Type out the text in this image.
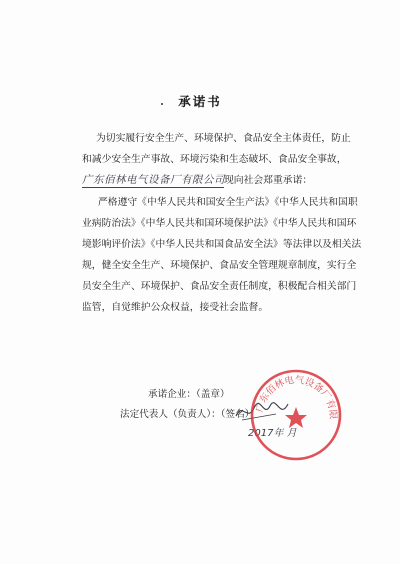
承诺书
为切实履行安全生产、环境保护、食品安全主体责任，防止
和减少安全生产事故、环境污染和生态破坏、食品安全事故，
广东佰林电气设备厂有限公司现向社会郑重承诺：
严格遵守《中华人民共和国安全生产法》《中华人民共和国职
业病防治法》《中华人民共和国环境保护法》《中华人民共和国环
境影响评价法》《中华人民共和国食品安全法》等法律以及相关法
规，健全安全生产、环境保护、食品安全管理规章制度，实行全
员安全生产、环境保护、食品安全责任制度，积极配合相关部门
监管，自觉维护公众权益，接受社会监督。
承诺企业：（盖章）
法定代表人（负责人）：（签名）
2017年 月
广东佰林电气设备厂有限
